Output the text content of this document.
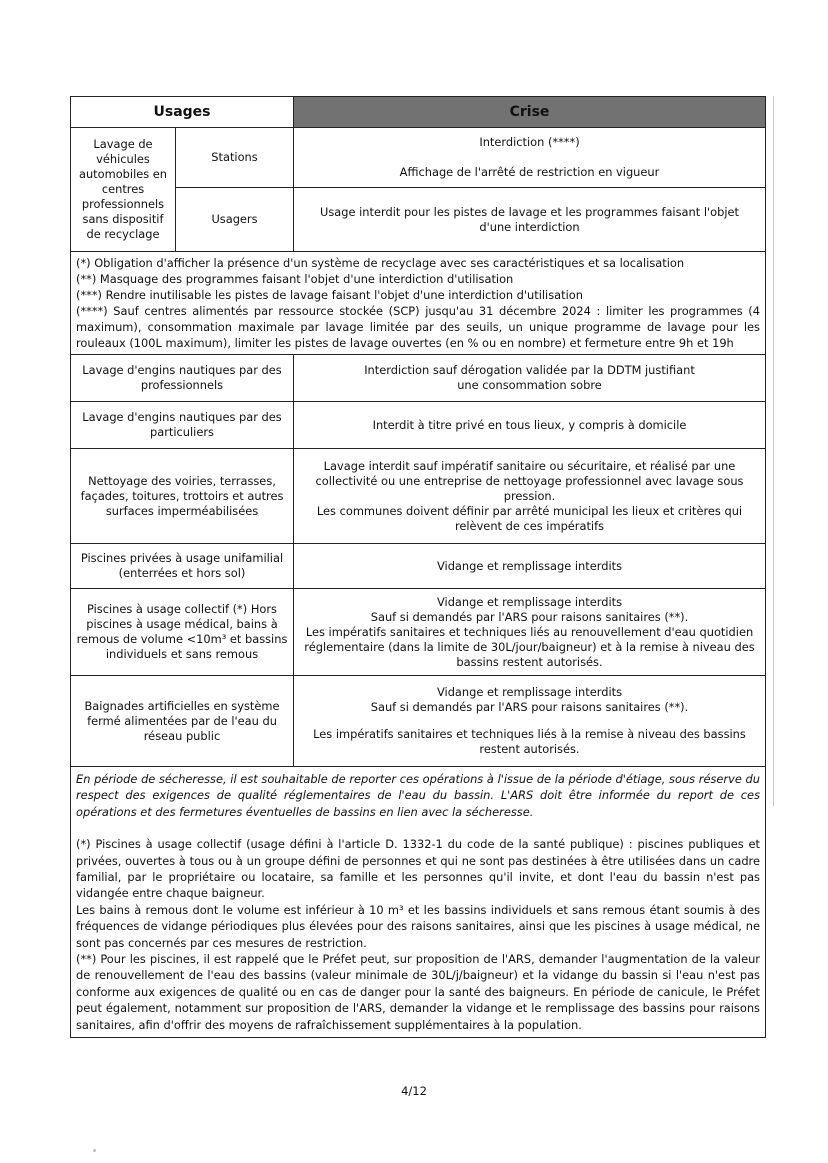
Usages		Crise
Lavage de véhicules automobiles en centres professionnels sans dispositif de recyclage	Stations	Interdiction (****)
Affichage de l'arrêté de restriction en vigueur

	Usagers	Usage interdit pour les pistes de lavage et les programmes faisant l'objet d'une interdiction

(*) Obligation d'afficher la présence d'un système de recyclage avec ses caractéristiques et sa localisation
(**) Masquage des programmes faisant l'objet d'une interdiction d'utilisation
(***) Rendre inutilisable les pistes de lavage faisant l'objet d'une interdiction d'utilisation
(****) Sauf centres alimentés par ressource stockée (SCP) jusqu'au 31 décembre 2024 : limiter les programmes (4 maximum), consommation maximale par lavage limitée par des seuils, un unique programme de lavage pour les rouleaux (100L maximum), limiter les pistes de lavage ouvertes (en % ou en nombre) et fermeture entre 9h et 19h		

Lavage d'engins nautiques par des professionnels		Interdiction sauf dérogation validée par la DDTM justifiant une consommation sobre
Lavage d'engins nautiques par des particuliers		Interdit à titre privé en tous lieux, y compris à domicile
Nettoyage des voiries, terrasses, façades, toitures, trottoirs et autres surfaces imperméabilisées		Lavage interdit sauf impératif sanitaire ou sécuritaire, et réalisé par une collectivité ou une entreprise de nettoyage professionnel avec lavage sous pression.
Les communes doivent définir par arrêté municipal les lieux et critères qui relèvent de ces impératifs

Piscines privées à usage unifamilial (enterrées et hors sol)		Vidange et remplissage interdits
Piscines à usage collectif (*) Hors piscines à usage médical, bains à remous de volume <10m³ et bassins individuels et sans remous		Vidange et remplissage interdits
Sauf si demandés par l'ARS pour raisons sanitaires (**).
Les impératifs sanitaires et techniques liés au renouvellement d'eau quotidien réglementaire (dans la limite de 30L/jour/baigneur) et à la remise à niveau des bassins restent autorisés.

Baignades artificielles en système fermé alimentées par de l'eau du réseau public		Vidange et remplissage interdits
Sauf si demandés par l'ARS pour raisons sanitaires (**).
Les impératifs sanitaires et techniques liés à la remise à niveau des bassins restent autorisés.

En période de sécheresse, il est souhaitable de reporter ces opérations à l'issue de la période d'étiage, sous réserve du respect des exigences de qualité réglementaires de l'eau du bassin. L'ARS doit être informée du report de ces opérations et des fermetures éventuelles de bassins en lien avec la sécheresse.
(*) Piscines à usage collectif (usage défini à l'article D. 1332-1 du code de la santé publique) : piscines publiques et privées, ouvertes à tous ou à un groupe défini de personnes et qui ne sont pas destinées à être utilisées dans un cadre familial, par le propriétaire ou locataire, sa famille et les personnes qu'il invite, et dont l'eau du bassin n'est pas vidangée entre chaque baigneur.
Les bains à remous dont le volume est inférieur à 10 m³ et les bassins individuels et sans remous étant soumis à des fréquences de vidange périodiques plus élevées pour des raisons sanitaires, ainsi que les piscines à usage médical, ne sont pas concernés par ces mesures de restriction.
(**) Pour les piscines, il est rappelé que le Préfet peut, sur proposition de l'ARS, demander l'augmentation de la valeur de renouvellement de l'eau des bassins (valeur minimale de 30L/j/baigneur) et la vidange du bassin si l'eau n'est pas conforme aux exigences de qualité ou en cas de danger pour la santé des baigneurs. En période de canicule, le Préfet peut également, notamment sur proposition de l'ARS, demander la vidange et le remplissage des bassins pour raisons sanitaires, afin d'offrir des moyens de rafraîchissement supplémentaires à la population.		
4/12
